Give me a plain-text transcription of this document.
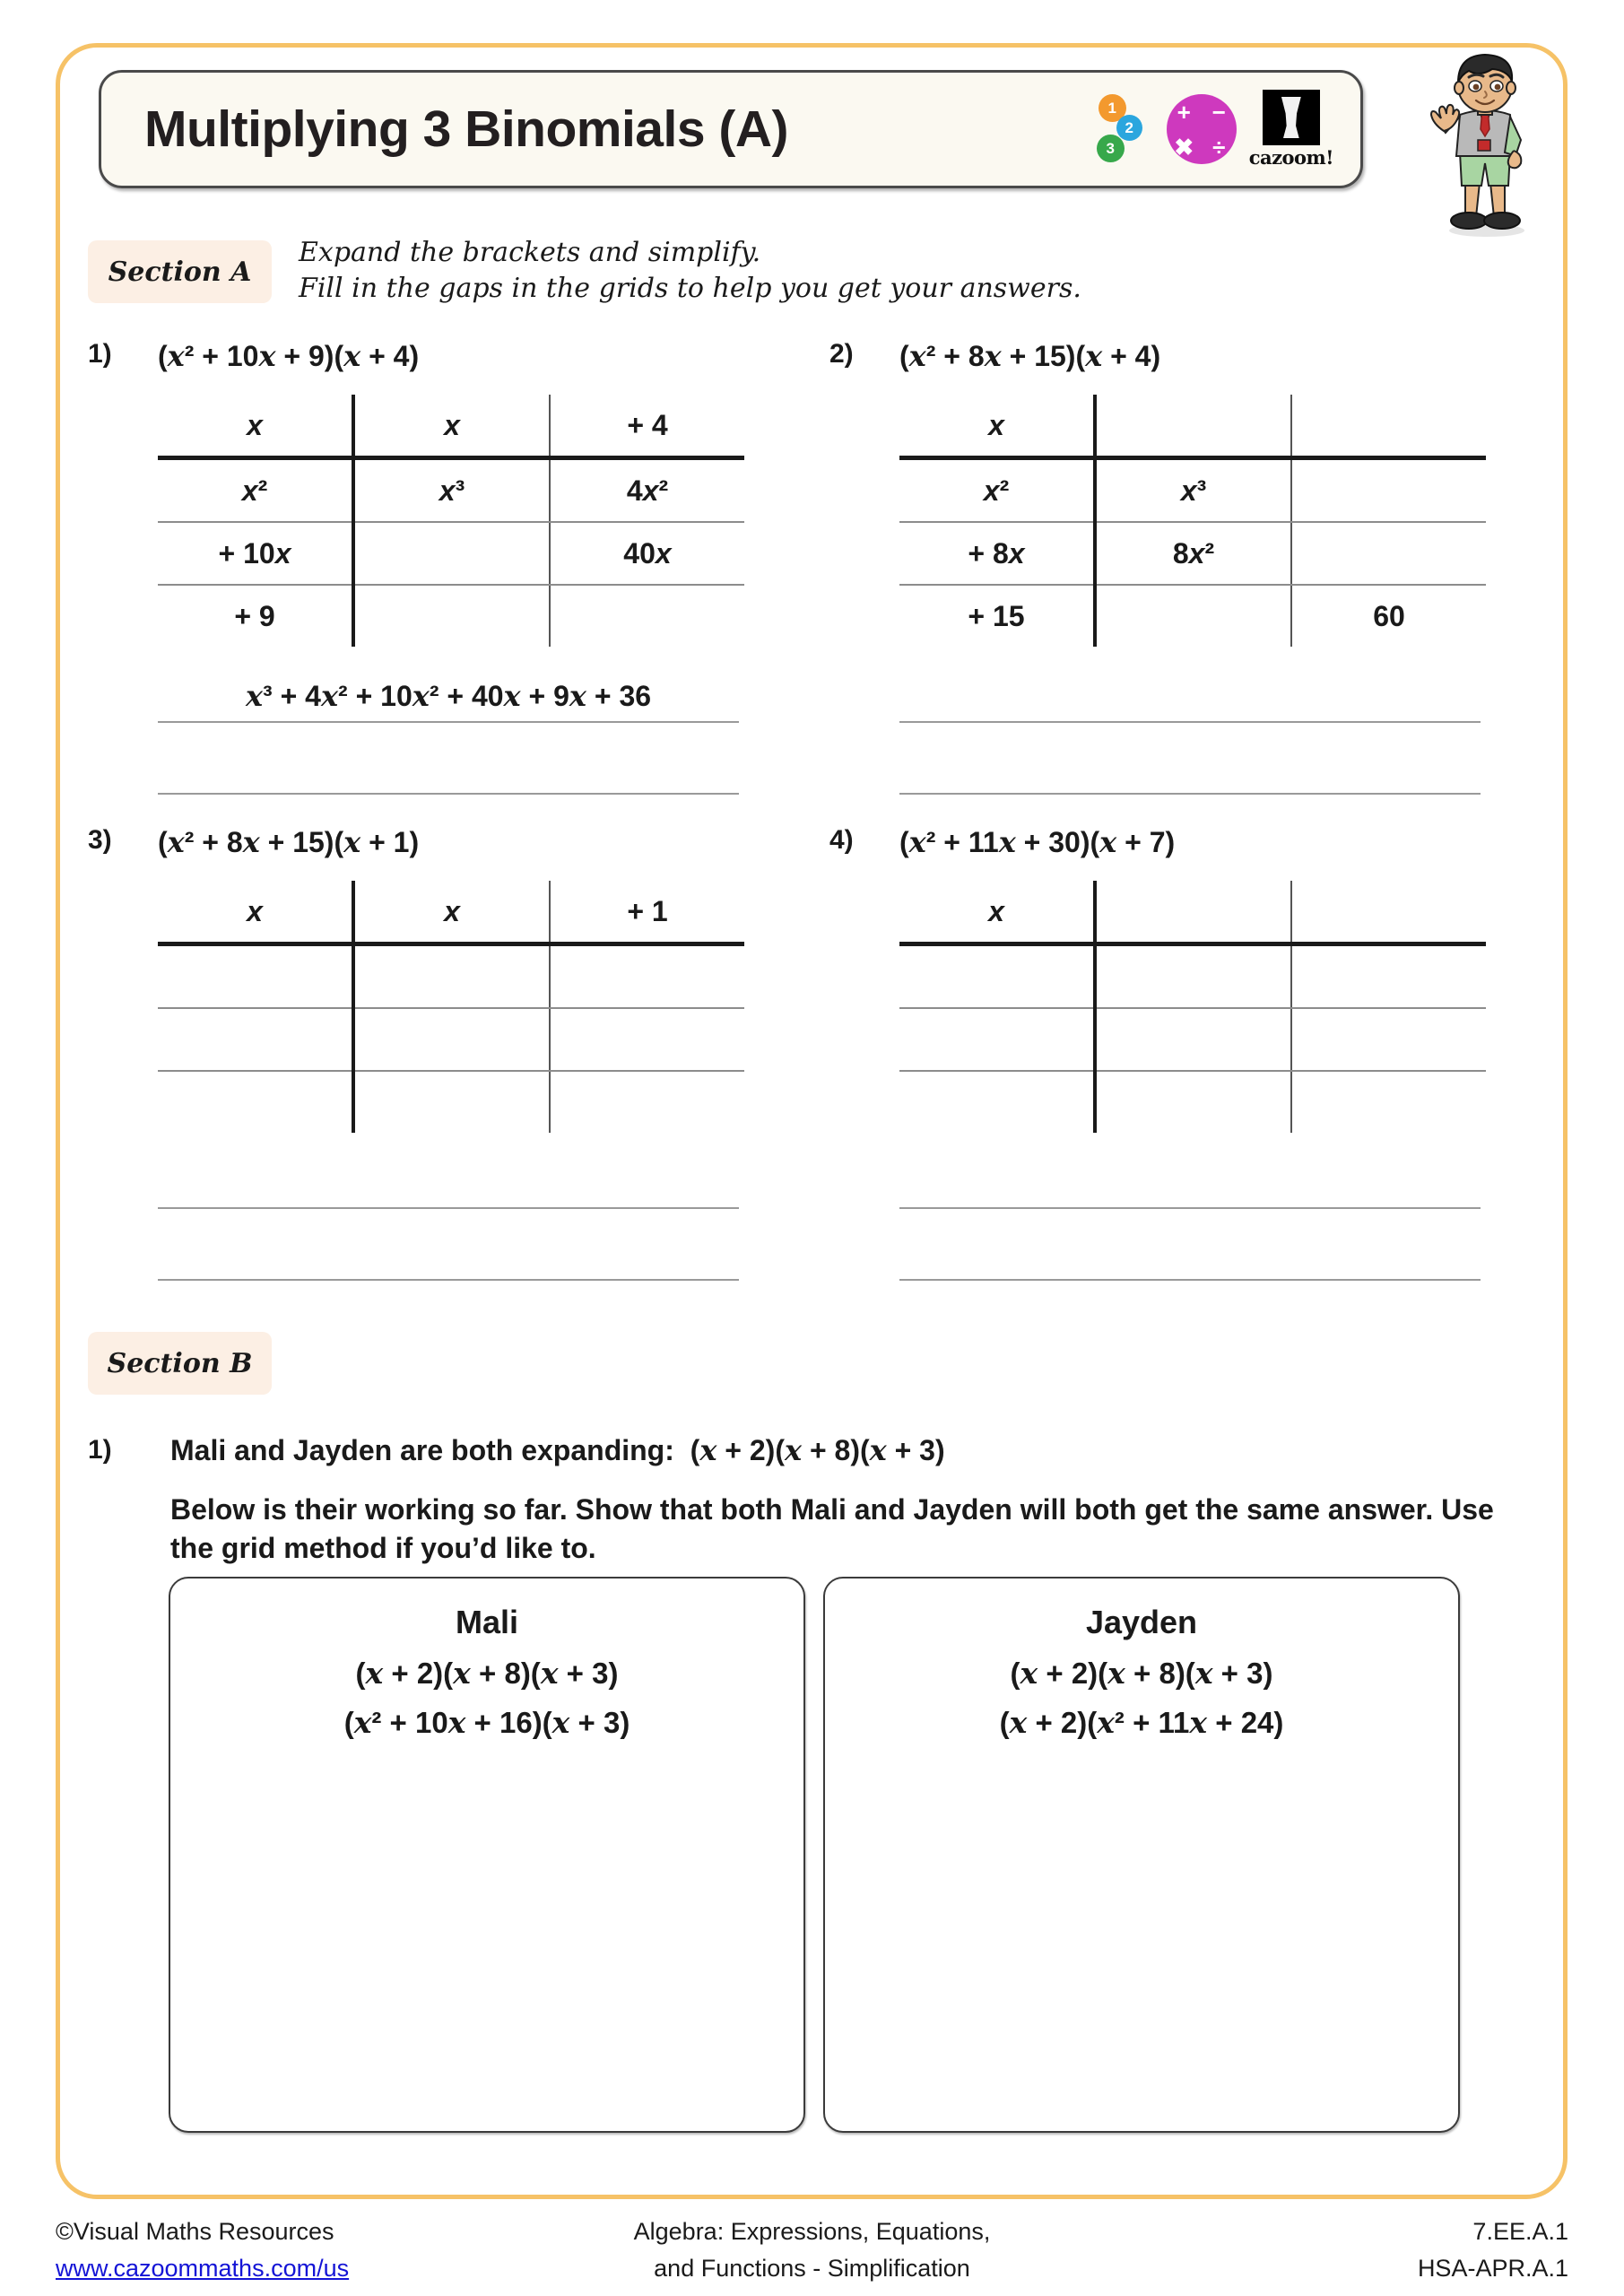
Multiplying 3 Binomials (A)	1
2
3
+ −
✖ ÷ cazoom!
Section A
Expand the brackets and simplify.
Fill in the gaps in the grids to help you get your answers.
1) (x² + 10x + 9)(x + 4)
x	x	+ 4
x²	x³	4x²
+ 10x		40x
+ 9		
x³ + 4x² + 10x² + 40x + 9x + 36
2) (x² + 8x + 15)(x + 4)
x		
x²	x³	
+ 8x	8x²	
+ 15		60
3) (x² + 8x + 15)(x + 1)
x	x	+ 1

4) (x² + 11x + 30)(x + 7)
x		

Section B
1) Mali and Jayden are both expanding:  (x + 2)(x + 8)(x + 3)
Below is their working so far. Show that both Mali and Jayden will both get the same answer. Use the grid method if you’d like to.
Mali
(x + 2)(x + 8)(x + 3)
(x² + 10x + 16)(x + 3)
Jayden
(x + 2)(x + 8)(x + 3)
(x + 2)(x² + 11x + 24)
©Visual Maths Resources
www.cazoommaths.com/us
Algebra: Expressions, Equations,
and Functions - Simplification
7.EE.A.1
HSA-APR.A.1
